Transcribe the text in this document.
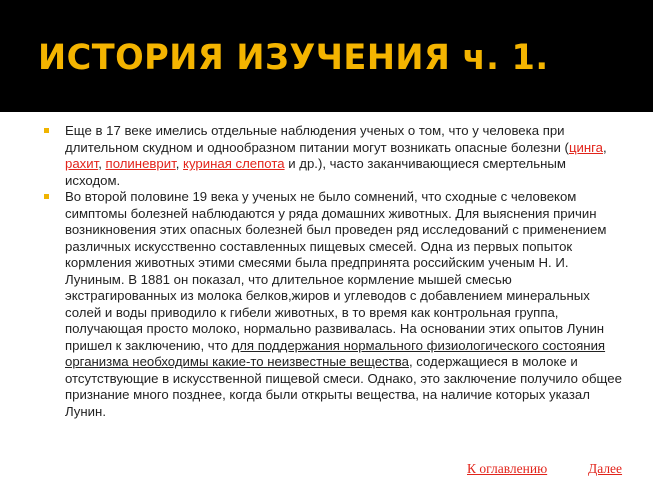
ИСТОРИЯ ИЗУЧЕНИЯ ч. 1.

Еще в 17 веке имелись отдельные наблюдения ученых о том, что у человека при длительном скудном и однообразном питании могут возникать опасные болезни (цинга, рахит, полиневрит, куриная слепота и др.), часто заканчивающиеся смертельным исходом.

Во второй половине 19 века у ученых не было сомнений, что сходные с человеком симптомы болезней наблюдаются у ряда домашних животных. Для выяснения причин возникновения этих опасных болезней был проведен ряд исследований с применением различных искусственно составленных пищевых смесей. Одна из первых попыток кормления животных этими смесями была предпринята российским ученым Н. И. Луниным. В 1881 он показал, что длительное кормление мышей смесью экстрагированных из молока белков,жиров и углеводов с добавлением минеральных солей и воды приводило к гибели животных, в то время как контрольная группа, получающая просто молоко, нормально развивалась. На основании этих опытов Лунин пришел к заключению, что для поддержания нормального физиологического состояния организма необходимы какие-то неизвестные вещества, содержащиеся в молоке и отсутствующие в искусственной пищевой смеси. Однако, это заключение получило общее признание много позднее, когда были открыты вещества, на наличие которых указал Лунин.

К оглавлению	Далее
